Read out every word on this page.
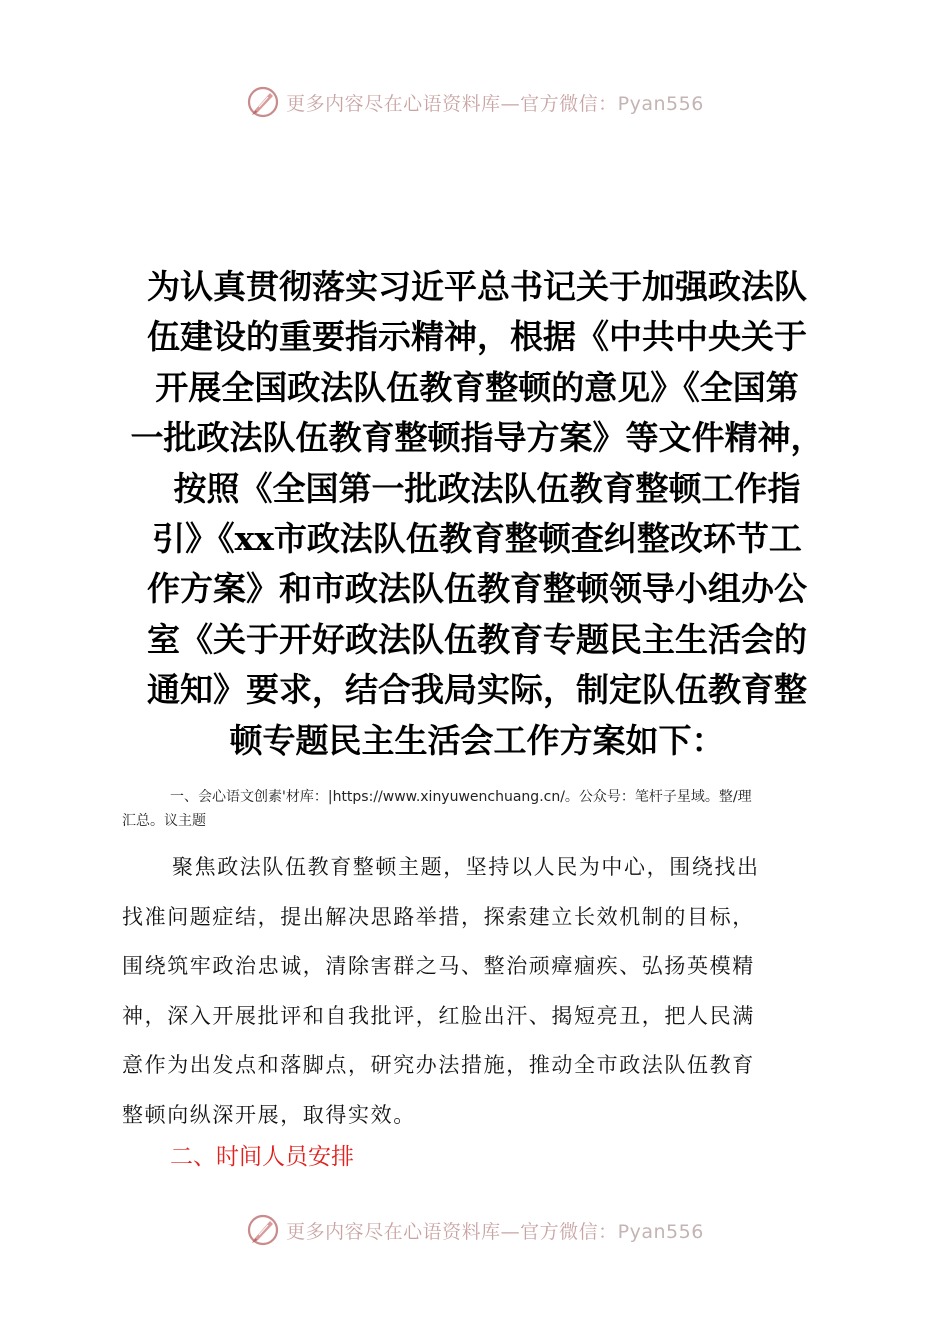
更多内容尽在心语资料库—官方微信：Pyan556
为认真贯彻落实习近平总书记关于加强政法队
伍建设的重要指示精神，根据《中共中央关于
开展全国政法队伍教育整顿的意见》《全国第
一批政法队伍教育整顿指导方案》等文件精神，
按照《全国第一批政法队伍教育整顿工作指
引》《xx市政法队伍教育整顿查纠整改环节工
作方案》和市政法队伍教育整顿领导小组办公
室《关于开好政法队伍教育专题民主生活会的
通知》要求，结合我局实际，制定队伍教育整
顿专题民主生活会工作方案如下：
一、会心语文创素'材库：|https://www.xinyuwenchuang.cn/。公众号：笔杆子星域。整/理
汇总。议主题
聚焦政法队伍教育整顿主题，坚持以人民为中心，围绕找出
找准问题症结，提出解决思路举措，探索建立长效机制的目标，
围绕筑牢政治忠诚，清除害群之马、整治顽瘴痼疾、弘扬英模精
神，深入开展批评和自我批评，红脸出汗、揭短亮丑，把人民满
意作为出发点和落脚点，研究办法措施，推动全市政法队伍教育
整顿向纵深开展，取得实效。
二、时间人员安排
更多内容尽在心语资料库—官方微信：Pyan556
